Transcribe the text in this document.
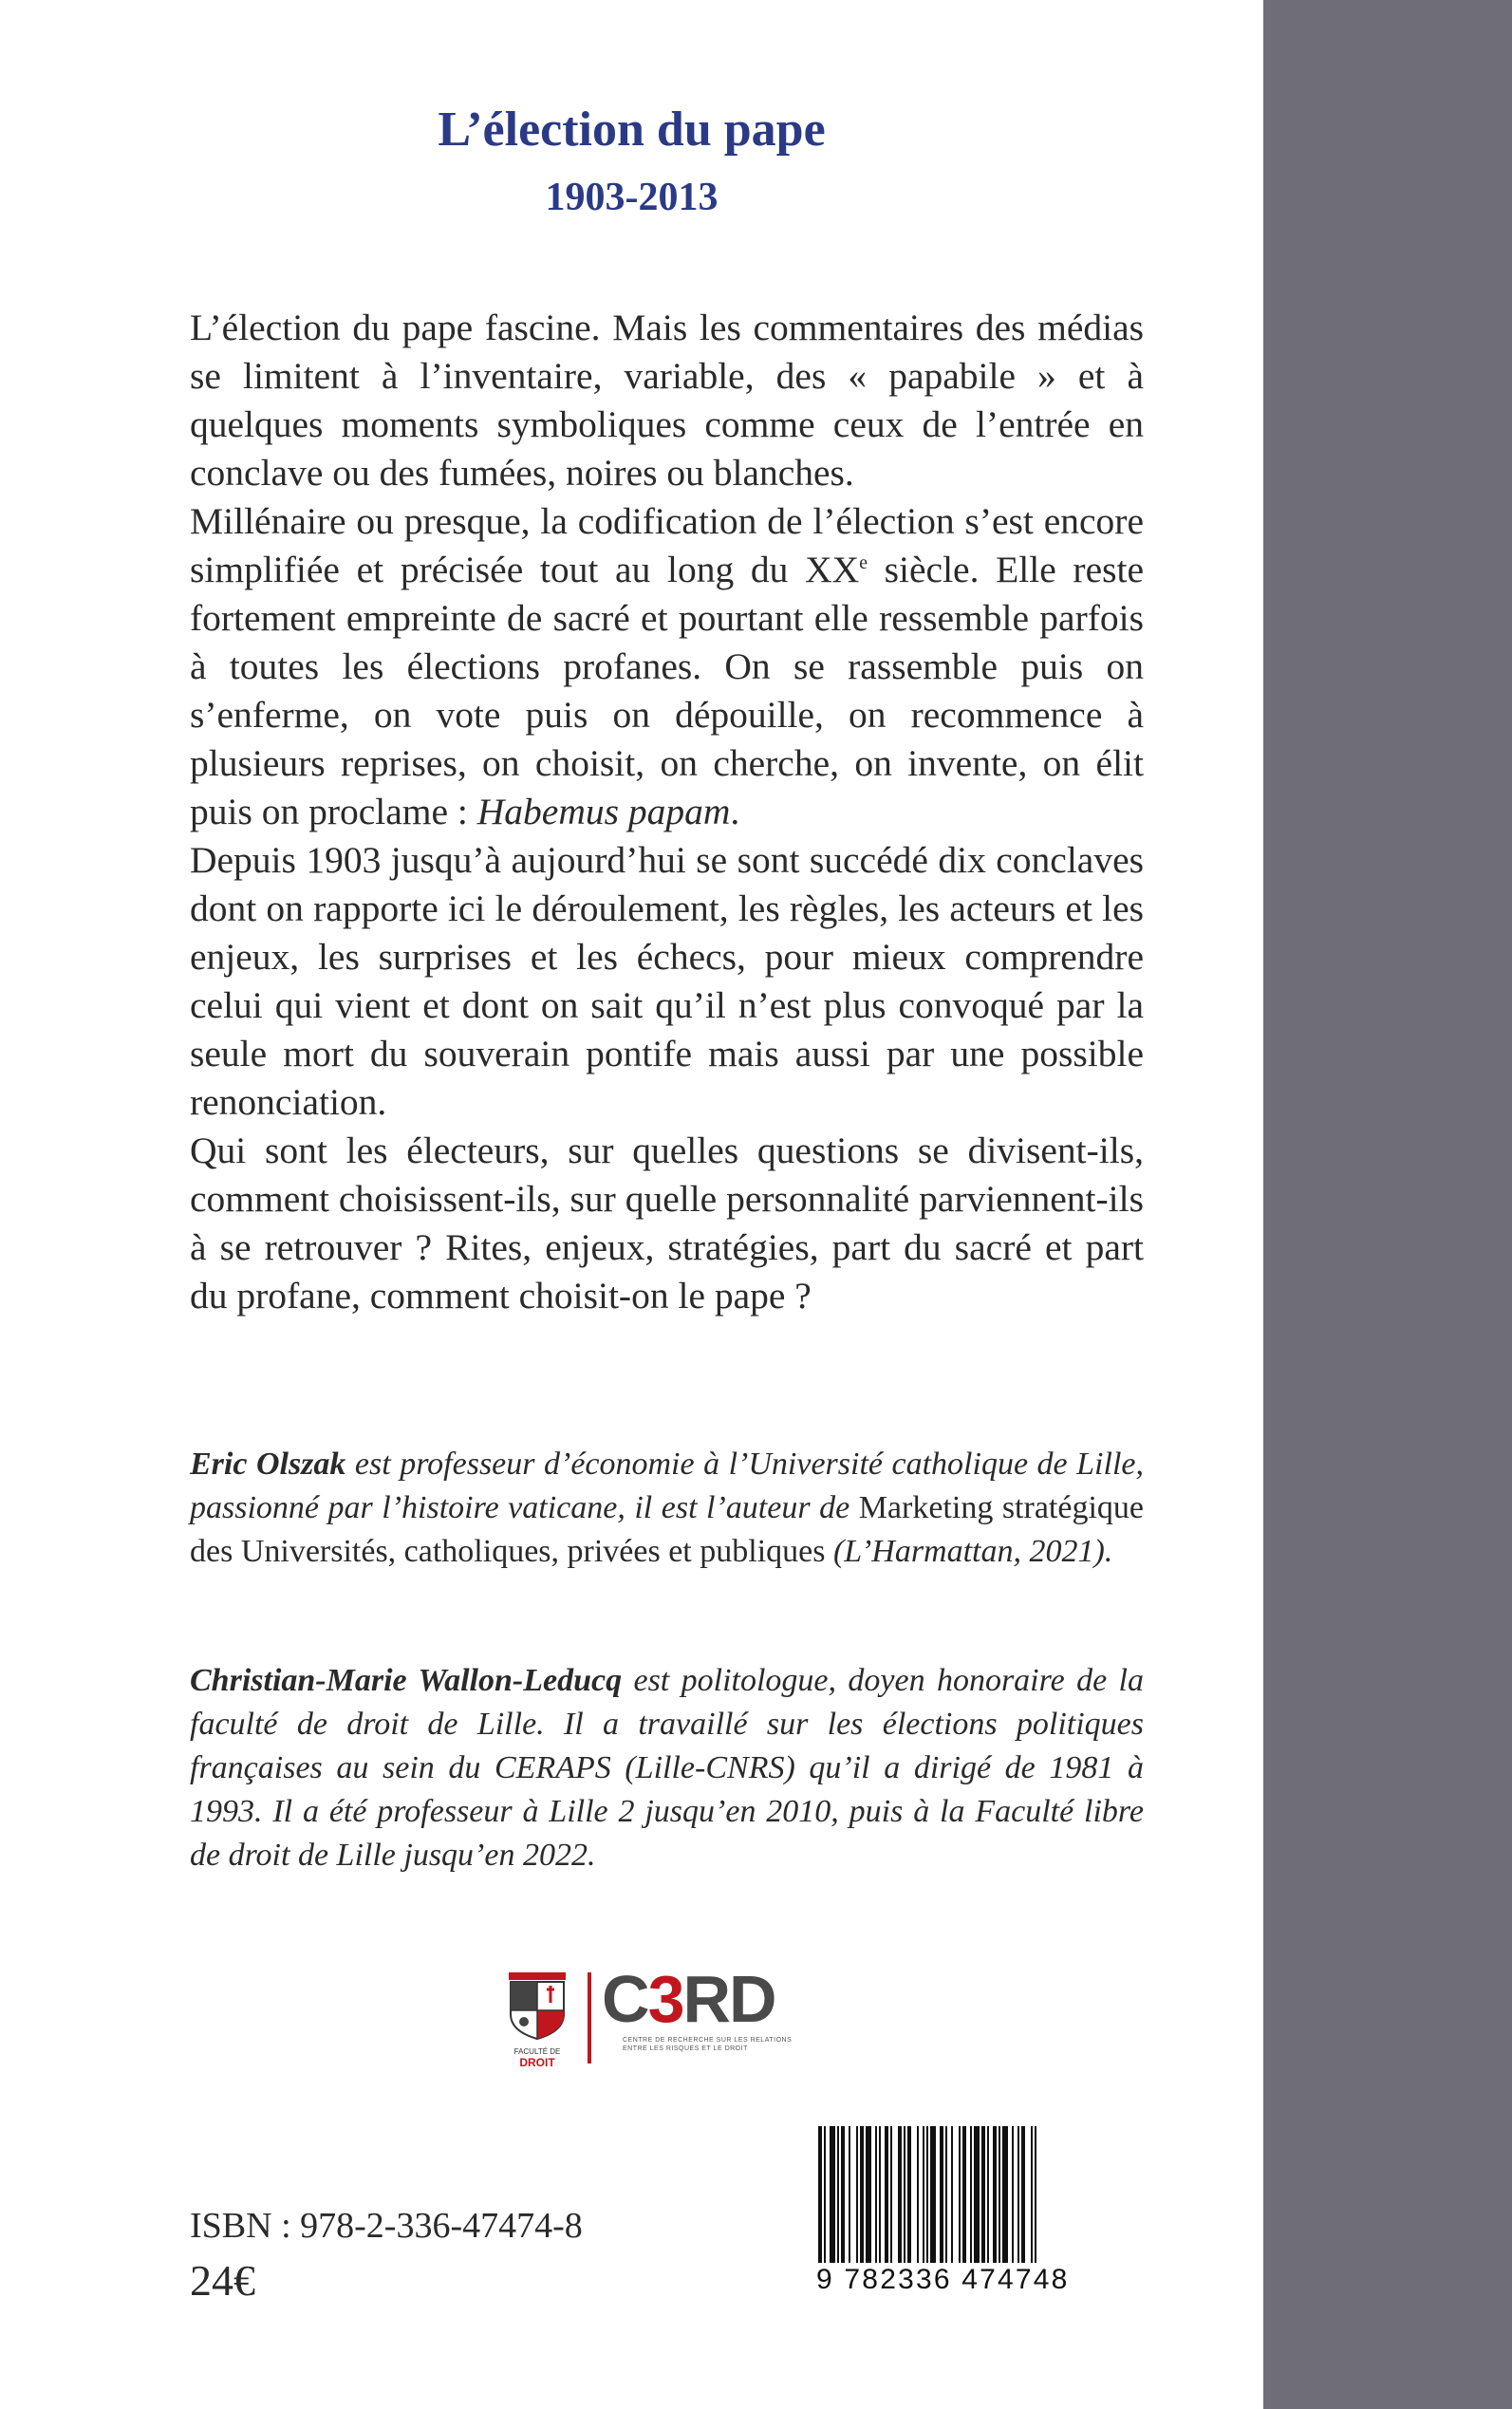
L’élection du pape
1903-2013

L’élection du pape fascine. Mais les commentaires des médias se limitent à l’inventaire, variable, des « papabile » et à quelques moments symboliques comme ceux de l’entrée en conclave ou des fumées, noires ou blanches.

Millénaire ou presque, la codification de l’élection s’est encore simplifiée et précisée tout au long du XXe siècle. Elle reste fortement empreinte de sacré et pourtant elle ressemble parfois à toutes les élections profanes. On se rassemble puis on s’enferme, on vote puis on dépouille, on recommence à plusieurs reprises, on choisit, on cherche, on invente, on élit puis on proclame : Habemus papam.

Depuis 1903 jusqu’à aujourd’hui se sont succédé dix conclaves dont on rapporte ici le déroulement, les règles, les acteurs et les enjeux, les surprises et les échecs, pour mieux comprendre celui qui vient et dont on sait qu’il n’est plus convoqué par la seule mort du souverain pontife mais aussi par une possible renonciation.

Qui sont les électeurs, sur quelles questions se divisent-ils, comment choisissent-ils, sur quelle personnalité parviennent-ils à se retrouver ? Rites, enjeux, stratégies, part du sacré et part du profane, comment choisit-on le pape ?

Eric Olszak est professeur d’économie à l’Université catholique de Lille, passionné par l’histoire vaticane, il est l’auteur de Marketing stratégique des Universités, catholiques, privées et publiques (L’Harmattan, 2021).

Christian-Marie Wallon-Leducq est politologue, doyen honoraire de la faculté de droit de Lille. Il a travaillé sur les élections politiques françaises au sein du CERAPS (Lille-CNRS) qu’il a dirigé de 1981 à 1993. Il a été professeur à Lille 2 jusqu’en 2010, puis à la Faculté libre de droit de Lille jusqu’en 2022.

FACULTÉ DE
DROIT
C3RD
CENTRE DE RECHERCHE SUR LES RELATIONS ENTRE LES RISQUES ET LE DROIT
9 782336 474748
ISBN : 978-2-336-47474-8
24€
